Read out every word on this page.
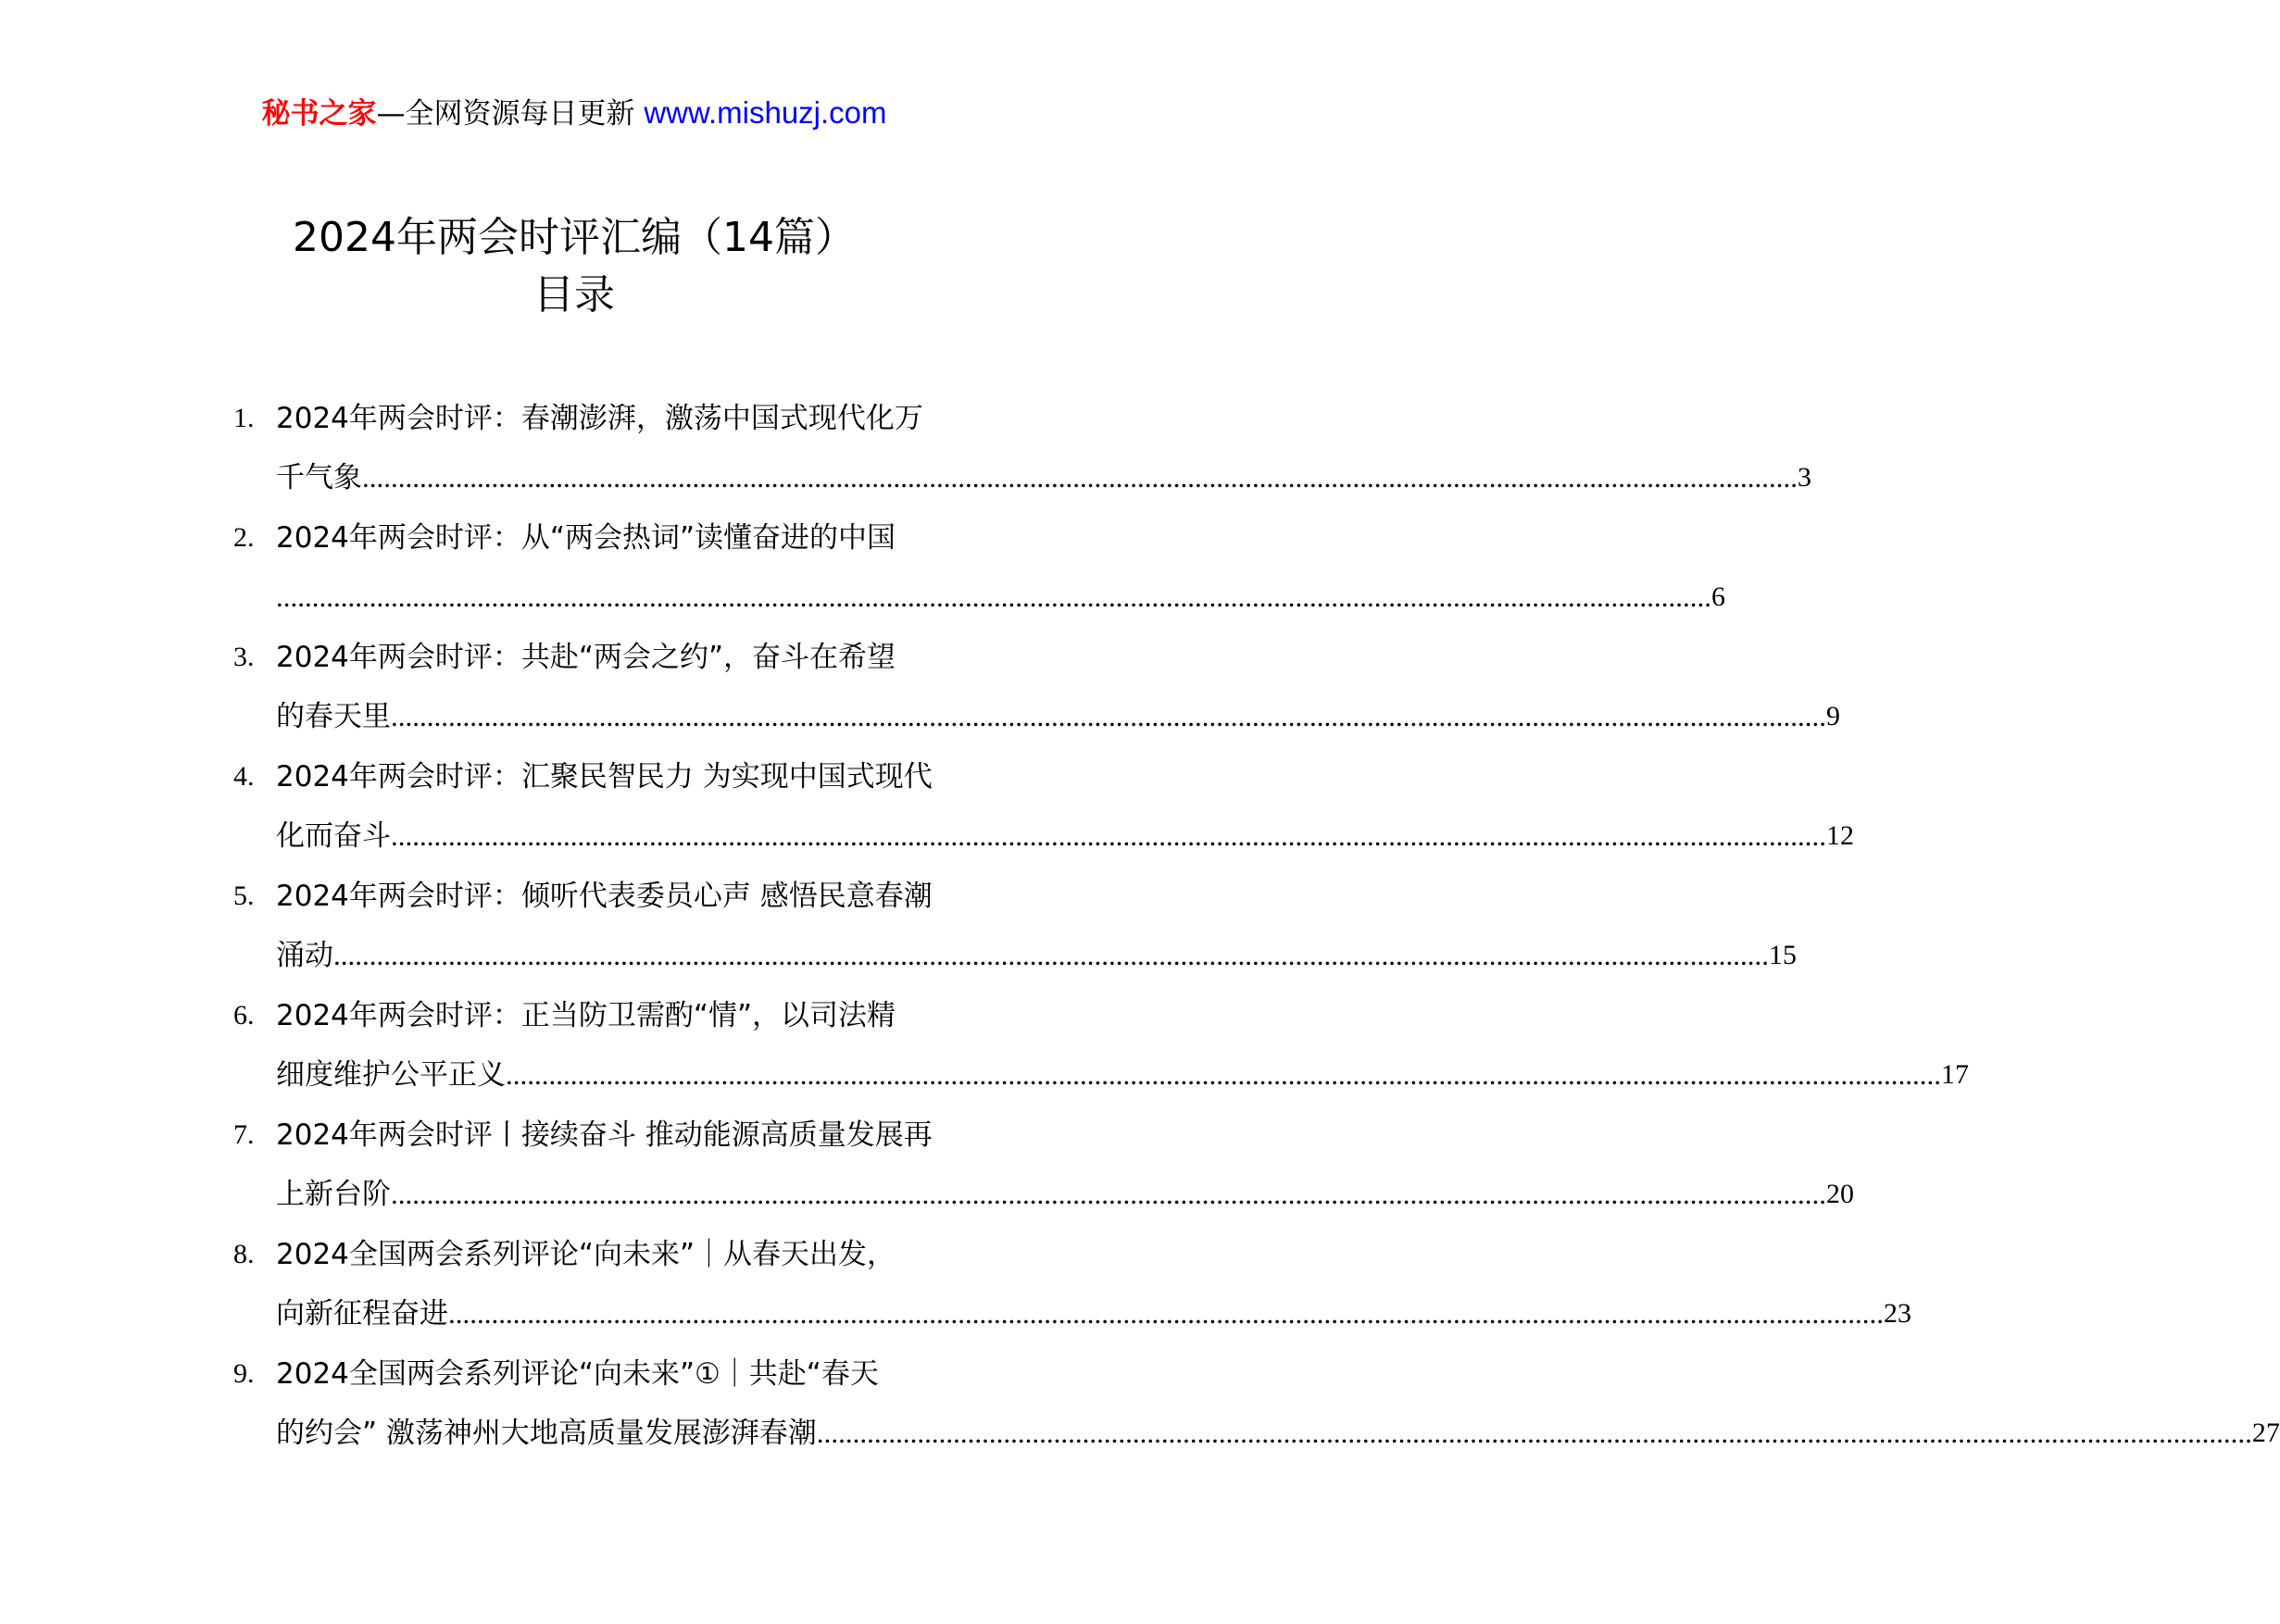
秘书之家—全网资源每日更新 www.mishuzj.com
2024年两会时评汇编（14篇）
目录
1. 2024年两会时评：春潮澎湃，激荡中国式现代化万
千气象 ........................................................................................................................................................................................................ 3
2. 2024年两会时评：从“两会热词”读懂奋进的中国
........................................................................................................................................................................................................ 6
3. 2024年两会时评：共赴“两会之约”，奋斗在希望
的春天里 ........................................................................................................................................................................................................ 9
4. 2024年两会时评：汇聚民智民力 为实现中国式现代
化而奋斗 ........................................................................................................................................................................................................ 12
5. 2024年两会时评：倾听代表委员心声 感悟民意春潮
涌动 ........................................................................................................................................................................................................ 15
6. 2024年两会时评：正当防卫需酌“情”，以司法精
细度维护公平正义 ........................................................................................................................................................................................................ 17
7. 2024年两会时评丨接续奋斗 推动能源高质量发展再
上新台阶 ........................................................................................................................................................................................................ 20
8. 2024全国两会系列评论“向未来”｜从春天出发，
向新征程奋进 ........................................................................................................................................................................................................ 23
9. 2024全国两会系列评论“向未来”①｜共赴“春天
的约会” 激荡神州大地高质量发展澎湃春潮 ........................................................................................................................................................................................................ 27
